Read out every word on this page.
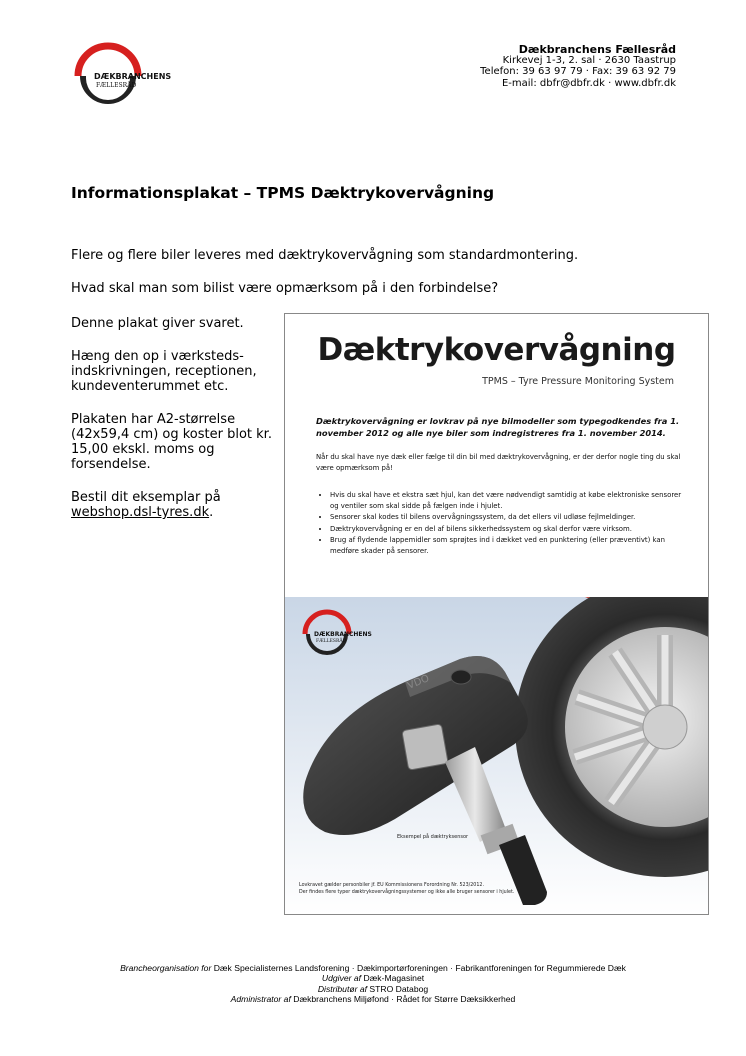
DÆKBRANCHENS
FÆLLESRÅD
Dækbranchens Fællesråd
Kirkevej 1-3, 2. sal · 2630 Taastrup
Telefon: 39 63 97 79 · Fax: 39 63 92 79
E-mail: dbfr@dbfr.dk · www.dbfr.dk
Informationsplakat – TPMS Dæktrykovervågning
Flere og flere biler leveres med dæktrykovervågning som standardmontering.
Hvad skal man som bilist være opmærksom på i den forbindelse?
Denne plakat giver svaret.
Hæng den op i værksteds-indskrivningen, receptionen, kundeventerummet etc.
Plakaten har A2-størrelse (42x59,4 cm) og koster blot kr. 15,00 ekskl. moms og forsendelse.
Bestil dit eksemplar på
webshop.dsl-tyres.dk.
Dæktrykovervågning
TPMS – Tyre Pressure Monitoring System
Dæktrykovervågning er lovkrav på nye bilmodeller som typegodkendes fra 1. november 2012 og alle nye biler som indregistreres fra 1. november 2014.
Når du skal have nye dæk eller fælge til din bil med dæktrykovervågning, er der derfor nogle ting du skal være opmærksom på!
• Hvis du skal have et ekstra sæt hjul, kan det være nødvendigt samtidig at købe elektroniske sensorer og ventiler som skal sidde på fælgen inde i hjulet.
• Sensorer skal kodes til bilens overvågningssystem, da det ellers vil udløse fejlmeldinger.
• Dæktrykovervågning er en del af bilens sikkerhedssystem og skal derfor være virksom.
• Brug af flydende lappemidler som sprøjtes ind i dækket ved en punktering (eller præventivt) kan medføre skader på sensorer.
VDO
DÆKBRANCHENS
FÆLLESRÅD
Eksempel på dæktryksensor
Lovkravet gælder personbiler jf. EU Kommissionens Forordning Nr. 523/2012.
Der findes flere typer dæktrykovervågningssystemer og ikke alle bruger sensorer i hjulet.
Brancheorganisation for Dæk Specialisternes Landsforening · Dækimportørforeningen · Fabrikantforeningen for Regummierede Dæk
Udgiver af Dæk-Magasinet
Distributør af STRO Databog
Administrator af Dækbranchens Miljøfond · Rådet for Større Dæksikkerhed
